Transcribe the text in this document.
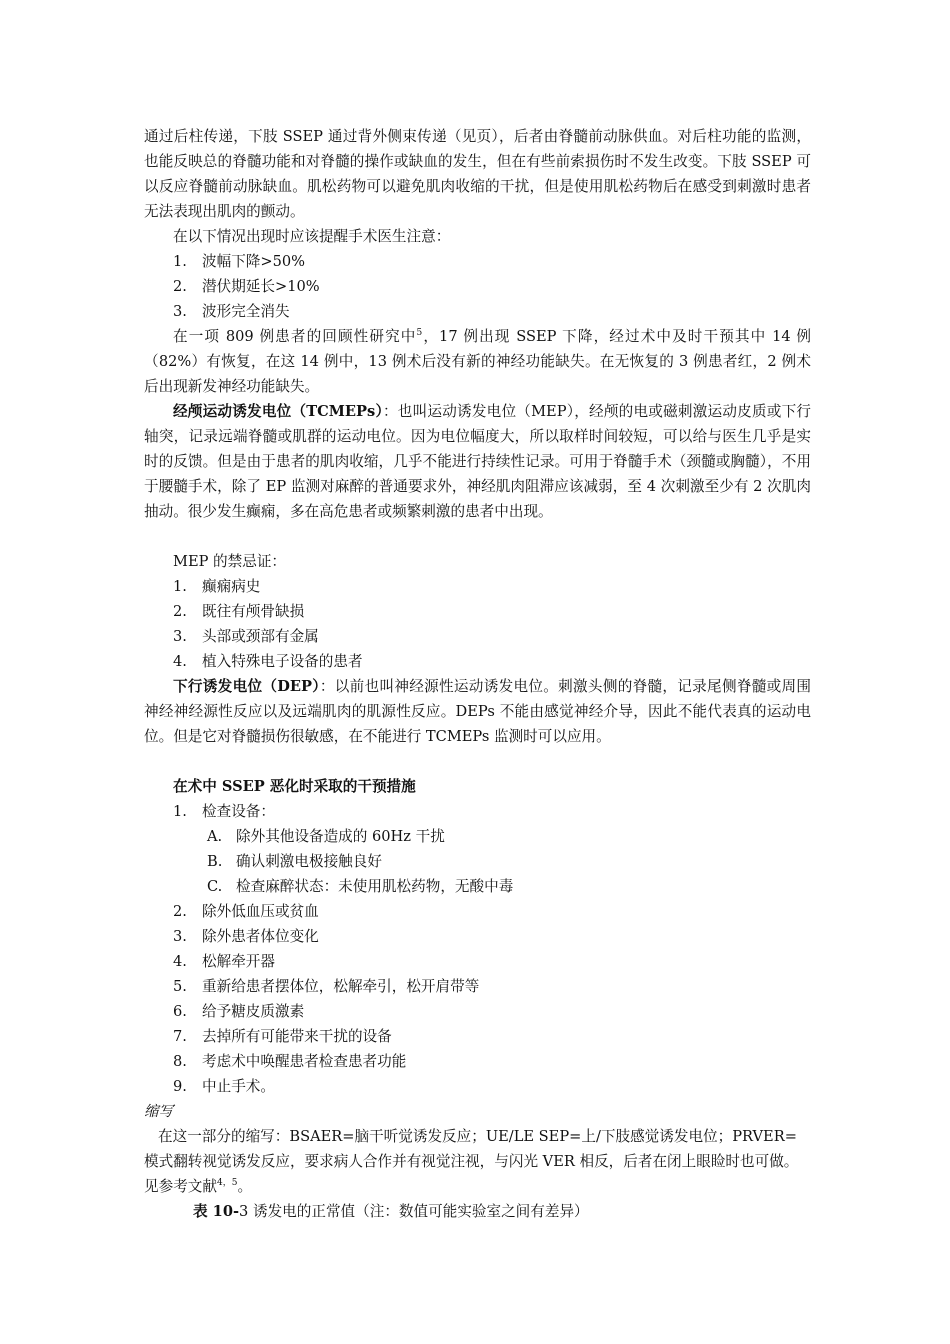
通过后柱传递，下肢 SSEP 通过背外侧束传递（见页），后者由脊髓前动脉供血。对后柱功能的监测，也能反映总的脊髓功能和对脊髓的操作或缺血的发生，但在有些前索损伤时不发生改变。下肢 SSEP 可以反应脊髓前动脉缺血。肌松药物可以避免肌肉收缩的干扰，但是使用肌松药物后在感受到刺激时患者无法表现出肌肉的颤动。

在以下情况出现时应该提醒手术医生注意：

1. 波幅下降>50%

2. 潜伏期延长>10%

3. 波形完全消失

在一项 809 例患者的回顾性研究中$^5$，17 例出现 SSEP 下降，经过术中及时干预其中 14 例（82%）有恢复，在这 14 例中，13 例术后没有新的神经功能缺失。在无恢复的 3 例患者红，2 例术后出现新发神经功能缺失。

经颅运动诱发电位（TCMEPs）：也叫运动诱发电位（MEP），经颅的电或磁刺激运动皮质或下行轴突，记录远端脊髓或肌群的运动电位。因为电位幅度大，所以取样时间较短，可以给与医生几乎是实时的反馈。但是由于患者的肌肉收缩，几乎不能进行持续性记录。可用于脊髓手术（颈髓或胸髓），不用于腰髓手术，除了 EP 监测对麻醉的普通要求外，神经肌肉阻滞应该减弱，至 4 次刺激至少有 2 次肌肉抽动。很少发生癫痫，多在高危患者或频繁刺激的患者中出现。

MEP 的禁忌证：

1. 癫痫病史

2. 既往有颅骨缺损

3. 头部或颈部有金属

4. 植入特殊电子设备的患者

下行诱发电位（DEP）：以前也叫神经源性运动诱发电位。刺激头侧的脊髓，记录尾侧脊髓或周围神经神经源性反应以及远端肌肉的肌源性反应。DEPs 不能由感觉神经介导，因此不能代表真的运动电位。但是它对脊髓损伤很敏感，在不能进行 TCMEPs 监测时可以应用。

在术中 SSEP 恶化时采取的干预措施

1. 检查设备：

A. 除外其他设备造成的 60Hz 干扰

B. 确认刺激电极接触良好

C. 检查麻醉状态：未使用肌松药物，无酸中毒

2. 除外低血压或贫血

3. 除外患者体位变化

4. 松解牵开器

5. 重新给患者摆体位，松解牵引，松开肩带等

6. 给予糖皮质激素

7. 去掉所有可能带来干扰的设备

8. 考虑术中唤醒患者检查患者功能

9. 中止手术。

缩写

在这一部分的缩写：BSAER=脑干听觉诱发反应；UE/LE SEP=上/下肢感觉诱发电位；PRVER=模式翻转视觉诱发反应，要求病人合作并有视觉注视，与闪光 VER 相反，后者在闭上眼睑时也可做。见参考文献$^{4,5}$。

表 10-3 诱发电的正常值（注：数值可能实验室之间有差异）
